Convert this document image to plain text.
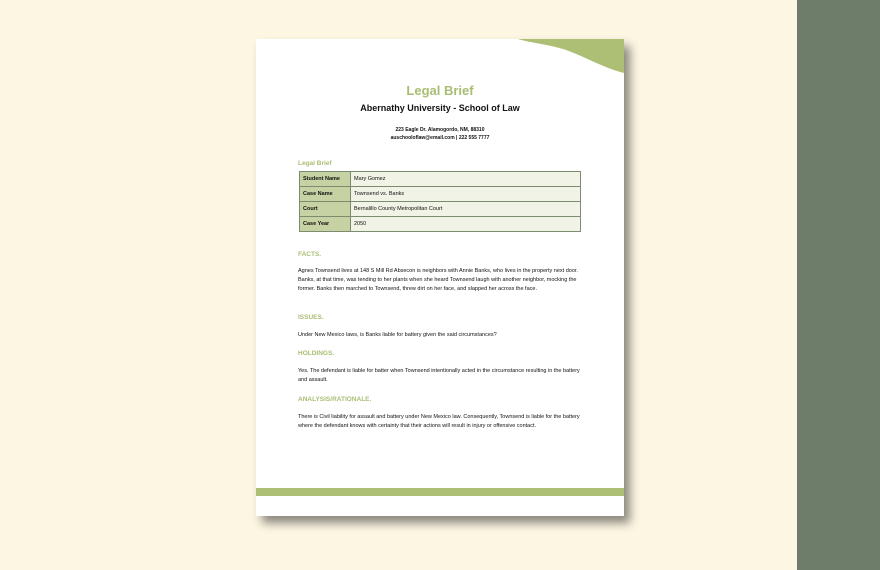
Legal Brief
Abernathy University - School of Law
223 Eagle Dr. Alamogordo, NM, 88310
auschooloflaw@email.com | 222 555 7777
Legal Brief
Student Name	Mary Gomez
Case Name	Townsend vs. Banks
Court	Bernalillo County Metropolitan Court
Case Year	2050
FACTS.

Agnes Townsend lives at 148 S Mill Rd Absecon is neighbors with Annie Banks, who lives in the property next door. Banks, at that time, was tending to her plants when she heard Townsend laugh with another neighbor, mocking the former. Banks then marched to Townsend, threw dirt on her face, and slapped her across the face.

ISSUES.

Under New Mexico laws, is Banks liable for battery given the said circumstances?

HOLDINGS.

Yes. The defendant is liable for batter when Townsend intentionally acted in the circumstance resulting in the battery and assault.

ANALYSIS/RATIONALE.

There is Civil liability for assault and battery under New Mexico law. Consequently, Townsend is liable for the battery where the defendant knows with certainty that their actions will result in injury or offensive contact.
